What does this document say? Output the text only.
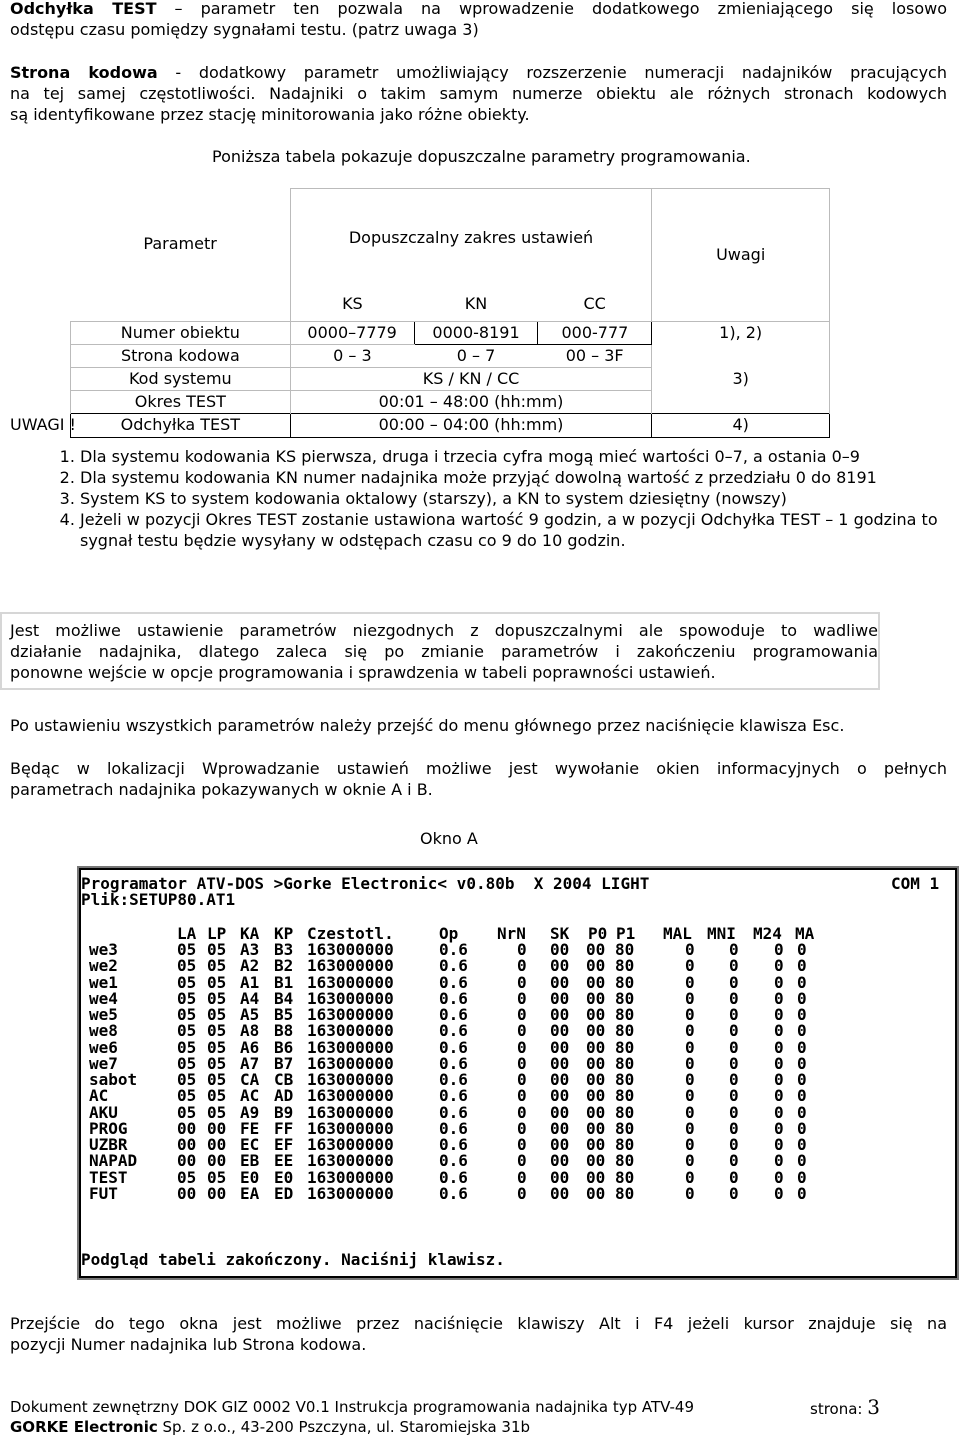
Odchyłka TEST – parametr ten pozwala na wprowadzenie dodatkowego zmieniającego się losowo
odstępu czasu pomiędzy sygnałami testu. (patrz uwaga 3)
Strona kodowa - dodatkowy parametr umożliwiający rozszerzenie numeracji nadajników pracujących
na tej samej częstotliwości. Nadajniki o takim samym numerze obiektu ale różnych stronach kodowych
są identyfikowane przez stację minitorowania jako różne obiekty.
Poniższa tabela pokazuje dopuszczalne parametry programowania.
Parametr	Dopuszczalny zakres ustawień			Uwagi
	KS	KN	CC	
Numer obiektu	0000–7779	0000-8191	000-777	1), 2)
Strona kodowa	0 – 3	0 – 7	00 – 3F	
Kod systemu	KS / KN / CC			3)
Okres TEST	00:01 – 48:00 (hh:mm)			
Odchyłka TEST	00:00 – 04:00 (hh:mm)			4)
UWAGI !
1. Dla systemu kodowania KS pierwsza, druga i trzecia cyfra mogą mieć wartości 0–7, a ostania 0–9
2. Dla systemu kodowania KN numer nadajnika może przyjąć dowolną wartość z przedziału 0 do 8191
3. System KS to system kodowania oktalowy (starszy), a KN to system dziesiętny (nowszy)
4. Jeżeli w pozycji Okres TEST zostanie ustawiona wartość 9 godzin, a w pozycji Odchyłka TEST – 1 godzina to sygnał testu będzie wysyłany w odstępach czasu co 9 do 10 godzin.
Jest możliwe ustawienie parametrów niezgodnych z dopuszczalnymi ale spowoduje to wadliwe
działanie nadajnika, dlatego zaleca się po zmianie parametrów i zakończeniu programowania
ponowne wejście w opcje programowania i sprawdzenia w tabeli poprawności ustawień.
Po ustawieniu wszystkich parametrów należy przejść do menu głównego przez naciśnięcie klawisza Esc.
Będąc w lokalizacji Wprowadzanie ustawień możliwe jest wywołanie okien informacyjnych o pełnych
parametrach nadajnika pokazywanych w oknie A i B.
Okno A

Programator ATV-DOS >Gorke Electronic< v0.80b  X 2004 LIGHT

	COM 1

Plik:SETUP80.AT1

LA LP KA KP Czestotl.	Op NrN SK P0 P1 MAL MNI M24 MA
we3	05 05 A3 B3 163000000	0.6	0 00 00 80	0 0 0 0
we2	05 05 A2 B2 163000000	0.6	0 00 00 80	0 0 0 0
we1	05 05 A1 B1 163000000	0.6	0 00 00 80	0 0 0 0
we4	05 05 A4 B4 163000000	0.6	0 00 00 80	0 0 0 0
we5	05 05 A5 B5 163000000	0.6	0 00 00 80	0 0 0 0
we8	05 05 A8 B8 163000000	0.6	0 00 00 80	0 0 0 0
we6	05 05 A6 B6 163000000	0.6	0 00 00 80	0 0 0 0
we7	05 05 A7 B7 163000000	0.6	0 00 00 80	0 0 0 0
sabot 05 05 CA CB 163000000	0.6	0 00 00 80	0 0 0 0
AC	05 05 AC AD 163000000	0.6	0 00 00 80	0 0 0 0
AKU	05 05 A9 B9 163000000	0.6	0 00 00 80	0 0 0 0
PROG	00 00 FE FF 163000000	0.6	0 00 00 80	0 0 0 0
UZBR	00 00 EC EF 163000000	0.6	0 00 00 80	0 0 0 0
NAPAD 00 00 EB EE 163000000	0.6	0 00 00 80	0 0 0 0
TEST	05 05 E0 E0 163000000	0.6	0 00 00 80	0 0 0 0
FUT	00 00 EA ED 163000000	0.6	0 00 00 80	0 0 0 0

Podgląd tabeli zakończony. Naciśnij klawisz.

Przejście do tego okna jest możliwe przez naciśnięcie klawiszy Alt i F4 jeżeli kursor znajduje się na
pozycji Numer nadajnika lub Strona kodowa.
Dokument zewnętrzny DOK GIZ 0002 V0.1 Instrukcja programowania nadajnika typ ATV-49	strona: 3
GORKE Electronic Sp. z o.o., 43-200 Pszczyna, ul. Staromiejska 31b
